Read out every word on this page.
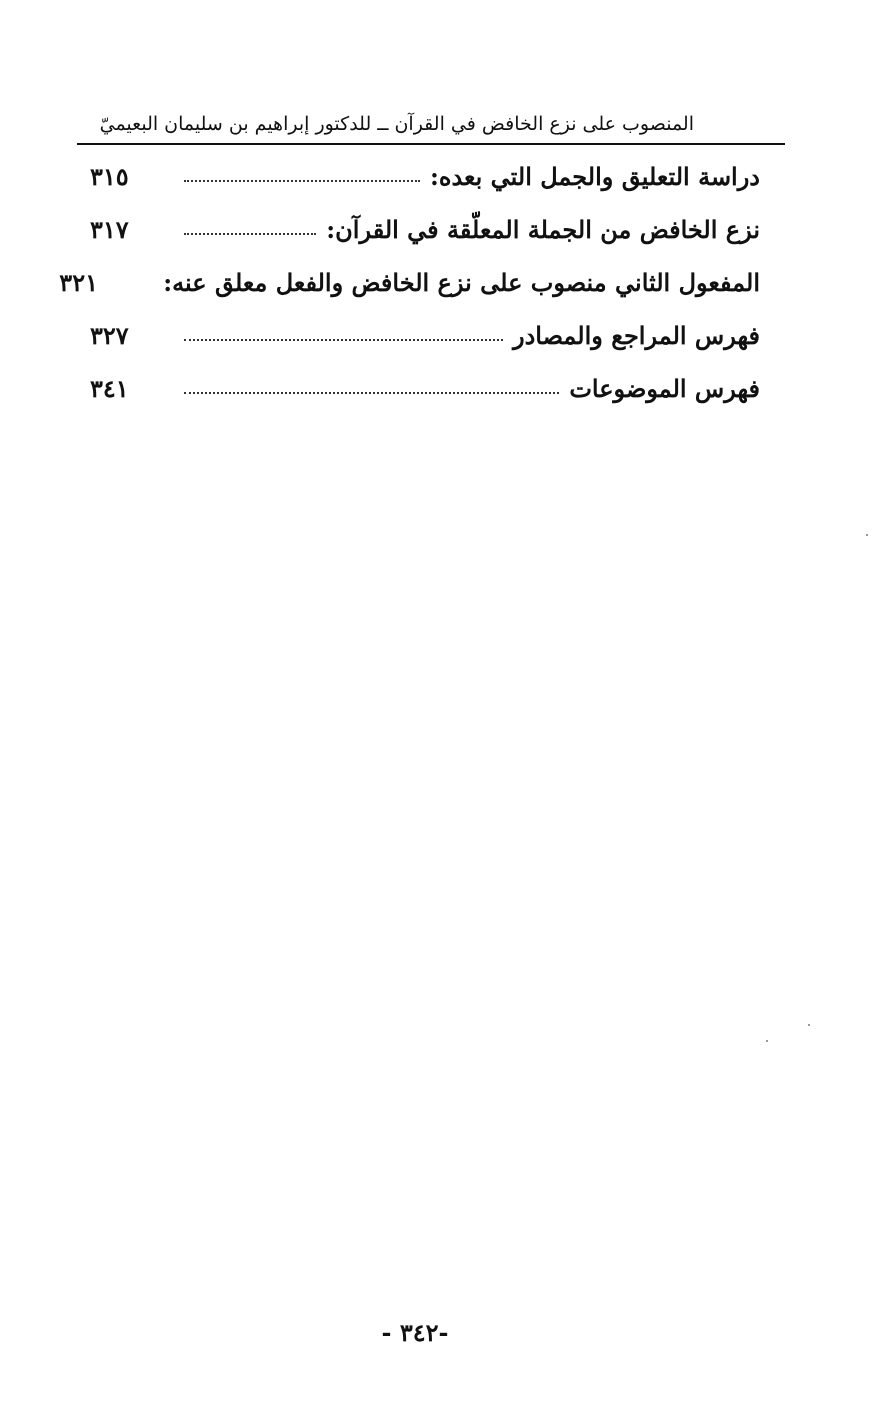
المنصوب على نزع الخافض في القرآن ــ للدكتور إبراهيم بن سليمان البعيميّ
دراسة التعليق والجمل التي بعده:
٣١٥
نزع الخافض من الجملة المعلّقة في القرآن:
٣١٧
المفعول الثاني منصوب على نزع الخافض والفعل معلق عنه:
٣٢١
فهرس المراجع والمصادر
٣٢٧
فهرس الموضوعات
٣٤١
-٣٤٢ -
